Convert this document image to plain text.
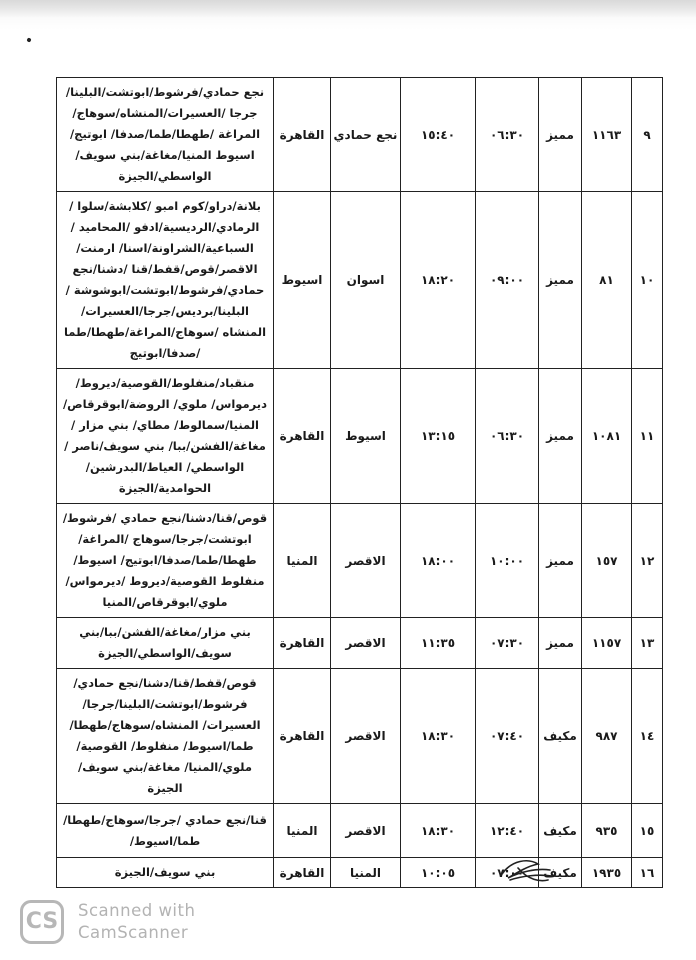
٩	١١٦٣	مميز	٠٦:٣٠	١٥:٤٠	نجع حمادي	القاهرة	نجع حمادي/فرشوط/ابوتشت/البلينا/جرجا /العسيرات/المنشاه/سوهاج/المراغة /طهطا/طما/صدفا/ ابوتيج/اسيوط المنيا/مغاغة/بني سويف/الواسطي/الجيزة
١٠	٨١	مميز	٠٩:٠٠	١٨:٢٠	اسوان	اسيوط	بلانة/دراو/كوم امبو /كلابشة/سلوا /الرمادي/الرديسية/ادفو /المحاميد /السباعية/الشراونة/اسنا/ ارمنت/الاقصر/قوص/قفط/قنا /دشنا/نجع حمادي/فرشوط/ابوتشت/ابوشوشة /البلينا/برديس/جرجا/العسيرات/المنشاه /سوهاج/المراغة/طهطا/طما /صدفا/ابوتيج
١١	١٠٨١	مميز	٠٦:٣٠	١٣:١٥	اسيوط	القاهرة	منقباد/منفلوط/القوصية/ديروط/ديرمواس/ ملوي/ الروضة/ابوقرقاص/المنيا/سمالوط/ مطاي/ بني مزار /مغاغة/الفشن/ببا/ بني سويف/ناصر /الواسطي/ العياط/البدرشين/الحوامدية/الجيزة
١٢	١٥٧	مميز	١٠:٠٠	١٨:٠٠	الاقصر	المنيا	قوص/قنا/دشنا/نجع حمادي /فرشوط/ابوتشت/جرجا/سوهاج /المراغة/طهطا/طما/صدفا/ابوتيج/ اسيوط/منفلوط القوصية/ديروط /ديرمواس/ملوي/ابوقرقاص/المنيا
١٣	١١٥٧	مميز	٠٧:٣٠	١١:٣٥	الاقصر	القاهرة	بني مزار/مغاغة/الفشن/ببا/بني سويف/الواسطي/الجيزة
١٤	٩٨٧	مكيف	٠٧:٤٠	١٨:٣٠	الاقصر	القاهرة	قوص/قفط/قنا/دشنا/نجع حمادي/ فرشوط/ابوتشت/البلينا/جرجا/العسيرات/ المنشاه/سوهاج/طهطا/طما/اسيوط/ منفلوط/ القوصية/ملوي/المنيا/ مغاغة/بني سويف/الجيزة
١٥	٩٣٥	مكيف	١٢:٤٠	١٨:٣٠	الاقصر	المنيا	قنا/نجع حمادي /جرجا/سوهاج/طهطا/طما/اسيوط/
١٦	١٩٣٥	مكيف	٠٧:٠٠	١٠:٠٥	المنيا	القاهرة	بني سويف/الجيزة
CS	Scanned with
CamScanner
